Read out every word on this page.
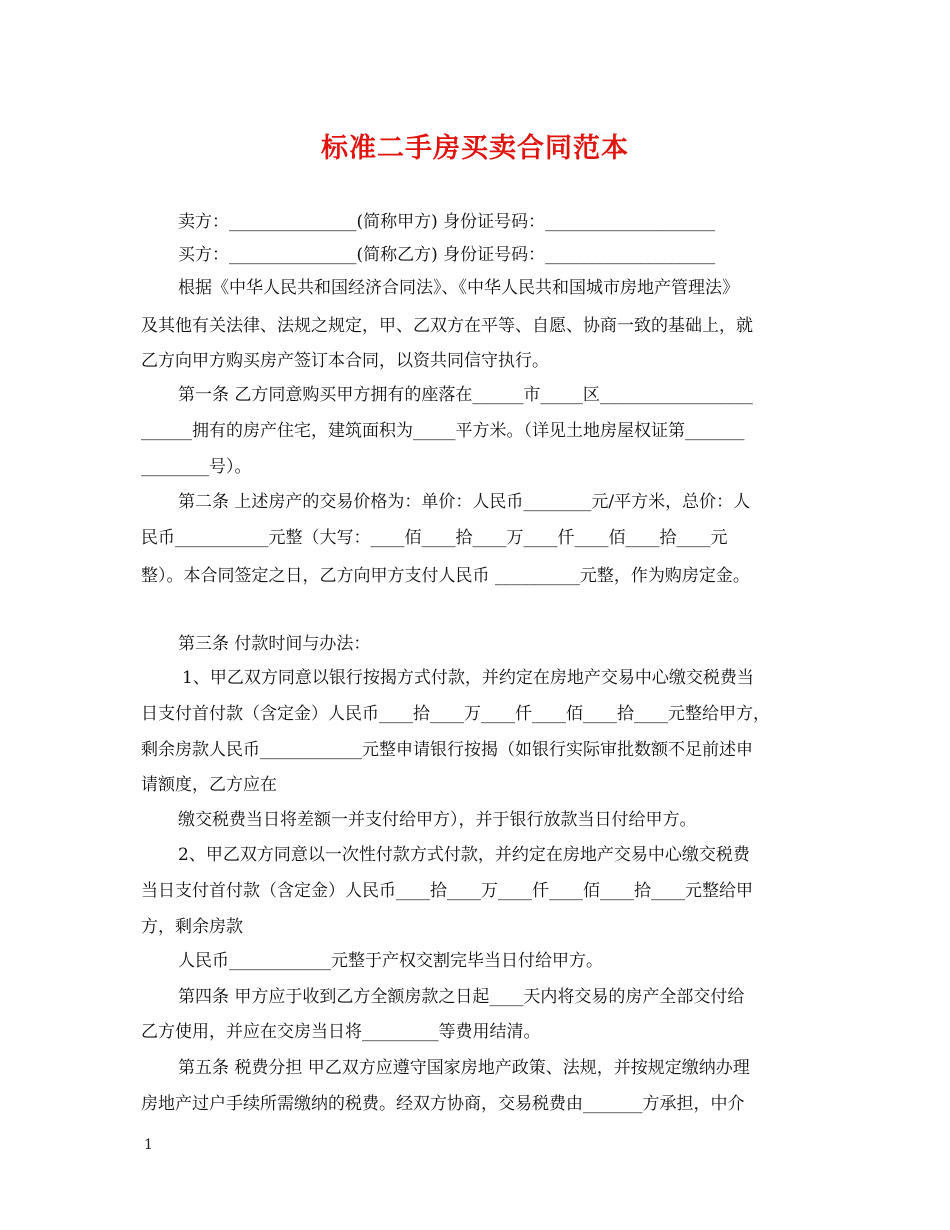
标准二手房买卖合同范本
卖方：_______________(简称甲方) 身份证号码：____________________
买方：_______________(简称乙方) 身份证号码：____________________
根据《中华人民共和国经济合同法》、《中华人民共和国城市房地产管理法》
及其他有关法律、法规之规定，甲、乙双方在平等、自愿、协商一致的基础上，就
乙方向甲方购买房产签订本合同，以资共同信守执行。
第一条 乙方同意购买甲方拥有的座落在______市_____区__________________
______拥有的房产住宅，建筑面积为_____平方米。（详见土地房屋权证第_______
________号）。
第二条 上述房产的交易价格为：单价：人民币________元/平方米，总价：人
民币___________元整（大写：____佰____拾____万____仟____佰____拾____元
整）。本合同签定之日，乙方向甲方支付人民币 __________元整，作为购房定金。
第三条 付款时间与办法：
1、甲乙双方同意以银行按揭方式付款，并约定在房地产交易中心缴交税费当
日支付首付款（含定金）人民币____拾____万____仟____佰____拾____元整给甲方，
剩余房款人民币____________元整申请银行按揭（如银行实际审批数额不足前述申
请额度，乙方应在
缴交税费当日将差额一并支付给甲方），并于银行放款当日付给甲方。
2、甲乙双方同意以一次性付款方式付款，并约定在房地产交易中心缴交税费
当日支付首付款（含定金）人民币____拾____万____仟____佰____拾____元整给甲
方，剩余房款
人民币____________元整于产权交割完毕当日付给甲方。
第四条 甲方应于收到乙方全额房款之日起____天内将交易的房产全部交付给
乙方使用，并应在交房当日将_________等费用结清。
第五条 税费分担 甲乙双方应遵守国家房地产政策、法规，并按规定缴纳办理
房地产过户手续所需缴纳的税费。经双方协商，交易税费由_______方承担，中介
1
